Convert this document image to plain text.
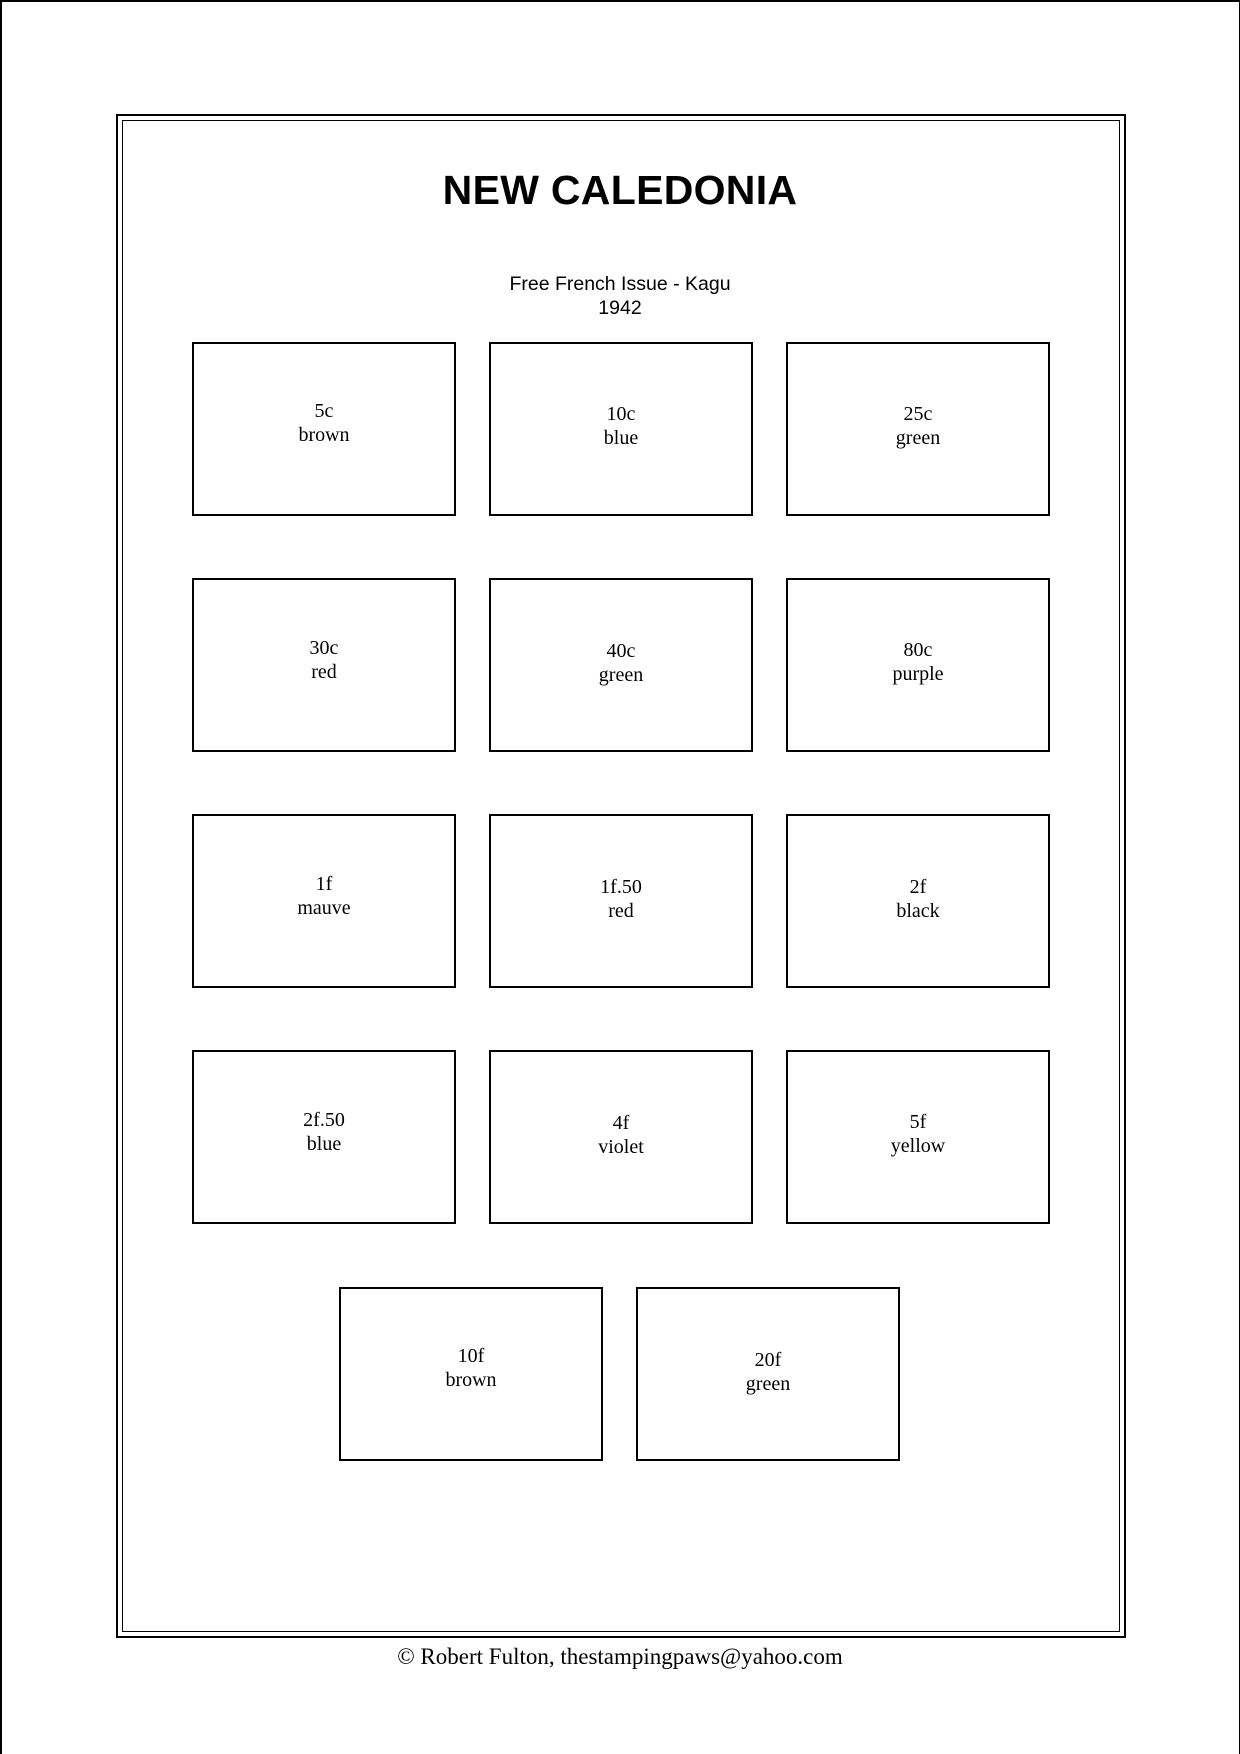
NEW CALEDONIA
Free French Issue - Kagu
1942
5c
brown
10c
blue
25c
green
30c
red
40c
green
80c
purple
1f
mauve
1f.50
red
2f
black
2f.50
blue
4f
violet
5f
yellow
10f
brown
20f
green
© Robert Fulton, thestampingpaws@yahoo.com
